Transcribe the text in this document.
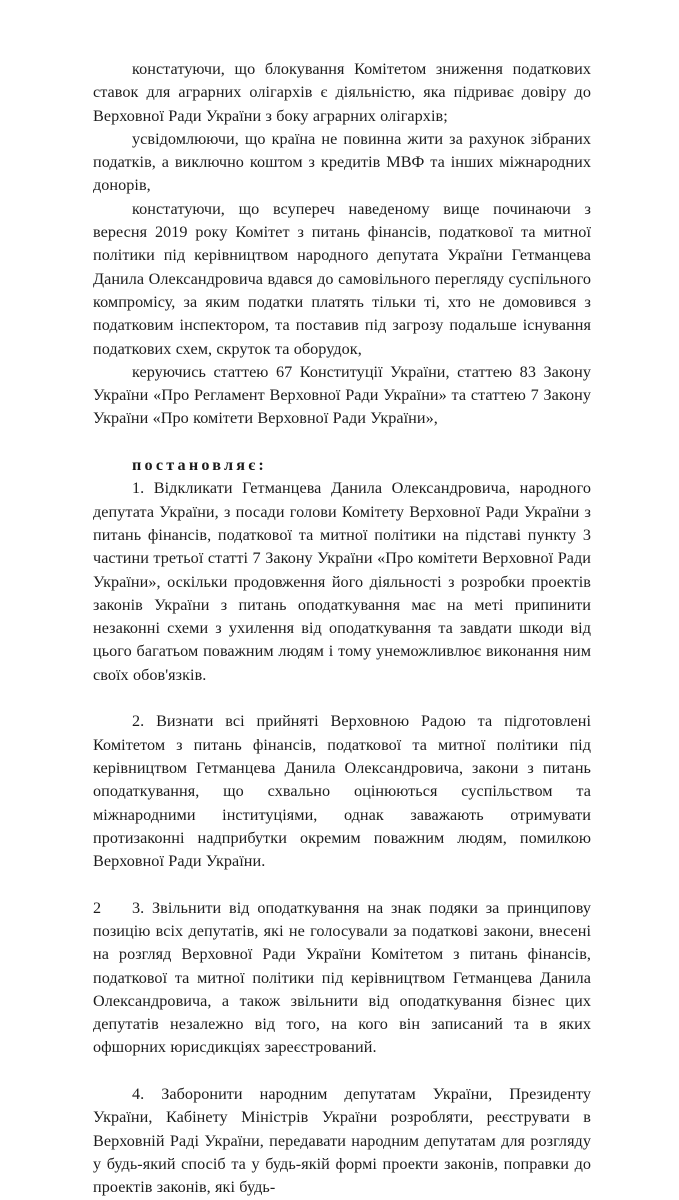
констатуючи, що блокування Комітетом зниження податкових ставок для аграрних олігархів є діяльністю, яка підриває довіру до Верховної Ради України з боку аграрних олігархів;

усвідомлюючи, що країна не повинна жити за рахунок зібраних податків, а виключно коштом з кредитів МВФ та інших міжнародних донорів,

констатуючи, що всупереч наведеному вище починаючи з вересня 2019 року Комітет з питань фінансів, податкової та митної політики під керівництвом народного депутата України Гетманцева Данила Олександровича вдався до самовільного перегляду суспільного компромісу, за яким податки платять тільки ті, хто не домовився з податковим інспектором, та поставив під загрозу подальше існування податкових схем, скруток та оборудок,

керуючись статтею 67 Конституції України, статтею 83 Закону України «Про Регламент Верховної Ради України» та статтею 7 Закону України «Про комітети Верховної Ради України»,

постановляє:

1. Відкликати Гетманцева Данила Олександровича, народного депутата України, з посади голови Комітету Верховної Ради України з питань фінансів, податкової та митної політики на підставі пункту 3 частини третьої статті 7 Закону України «Про комітети Верховної Ради України», оскільки продовження його діяльності з розробки проектів законів України з питань оподаткування має на меті припинити незаконні схеми з ухилення від оподаткування та завдати шкоди від цього багатьом поважним людям і тому унеможливлює виконання ним своїх обов'язків.

2. Визнати всі прийняті Верховною Радою та підготовлені Комітетом з питань фінансів, податкової та митної політики під керівництвом Гетманцева Данила Олександровича, закони з питань оподаткування, що схвально оцінюються суспільством та міжнародними інституціями, однак заважають отримувати протизаконні надприбутки окремим поважним людям, помилкою Верховної Ради України.

3. Звільнити від оподаткування на знак подяки за принципову позицію всіх депутатів, які не голосували за податкові закони, внесені на розгляд Верховної Ради України Комітетом з питань фінансів, податкової та митної політики під керівництвом Гетманцева Данила Олександровича, а також звільнити від оподаткування бізнес цих депутатів незалежно від того, на кого він записаний та в яких офшорних юрисдикціях зареєстрований.

4. Заборонити народним депутатам України, Президенту України, Кабінету Міністрів України розробляти, реєструвати в Верховній Раді України, передавати народним депутатам для розгляду у будь-який спосіб та у будь-якій формі проекти законів, поправки до проектів законів, які будь-

2
